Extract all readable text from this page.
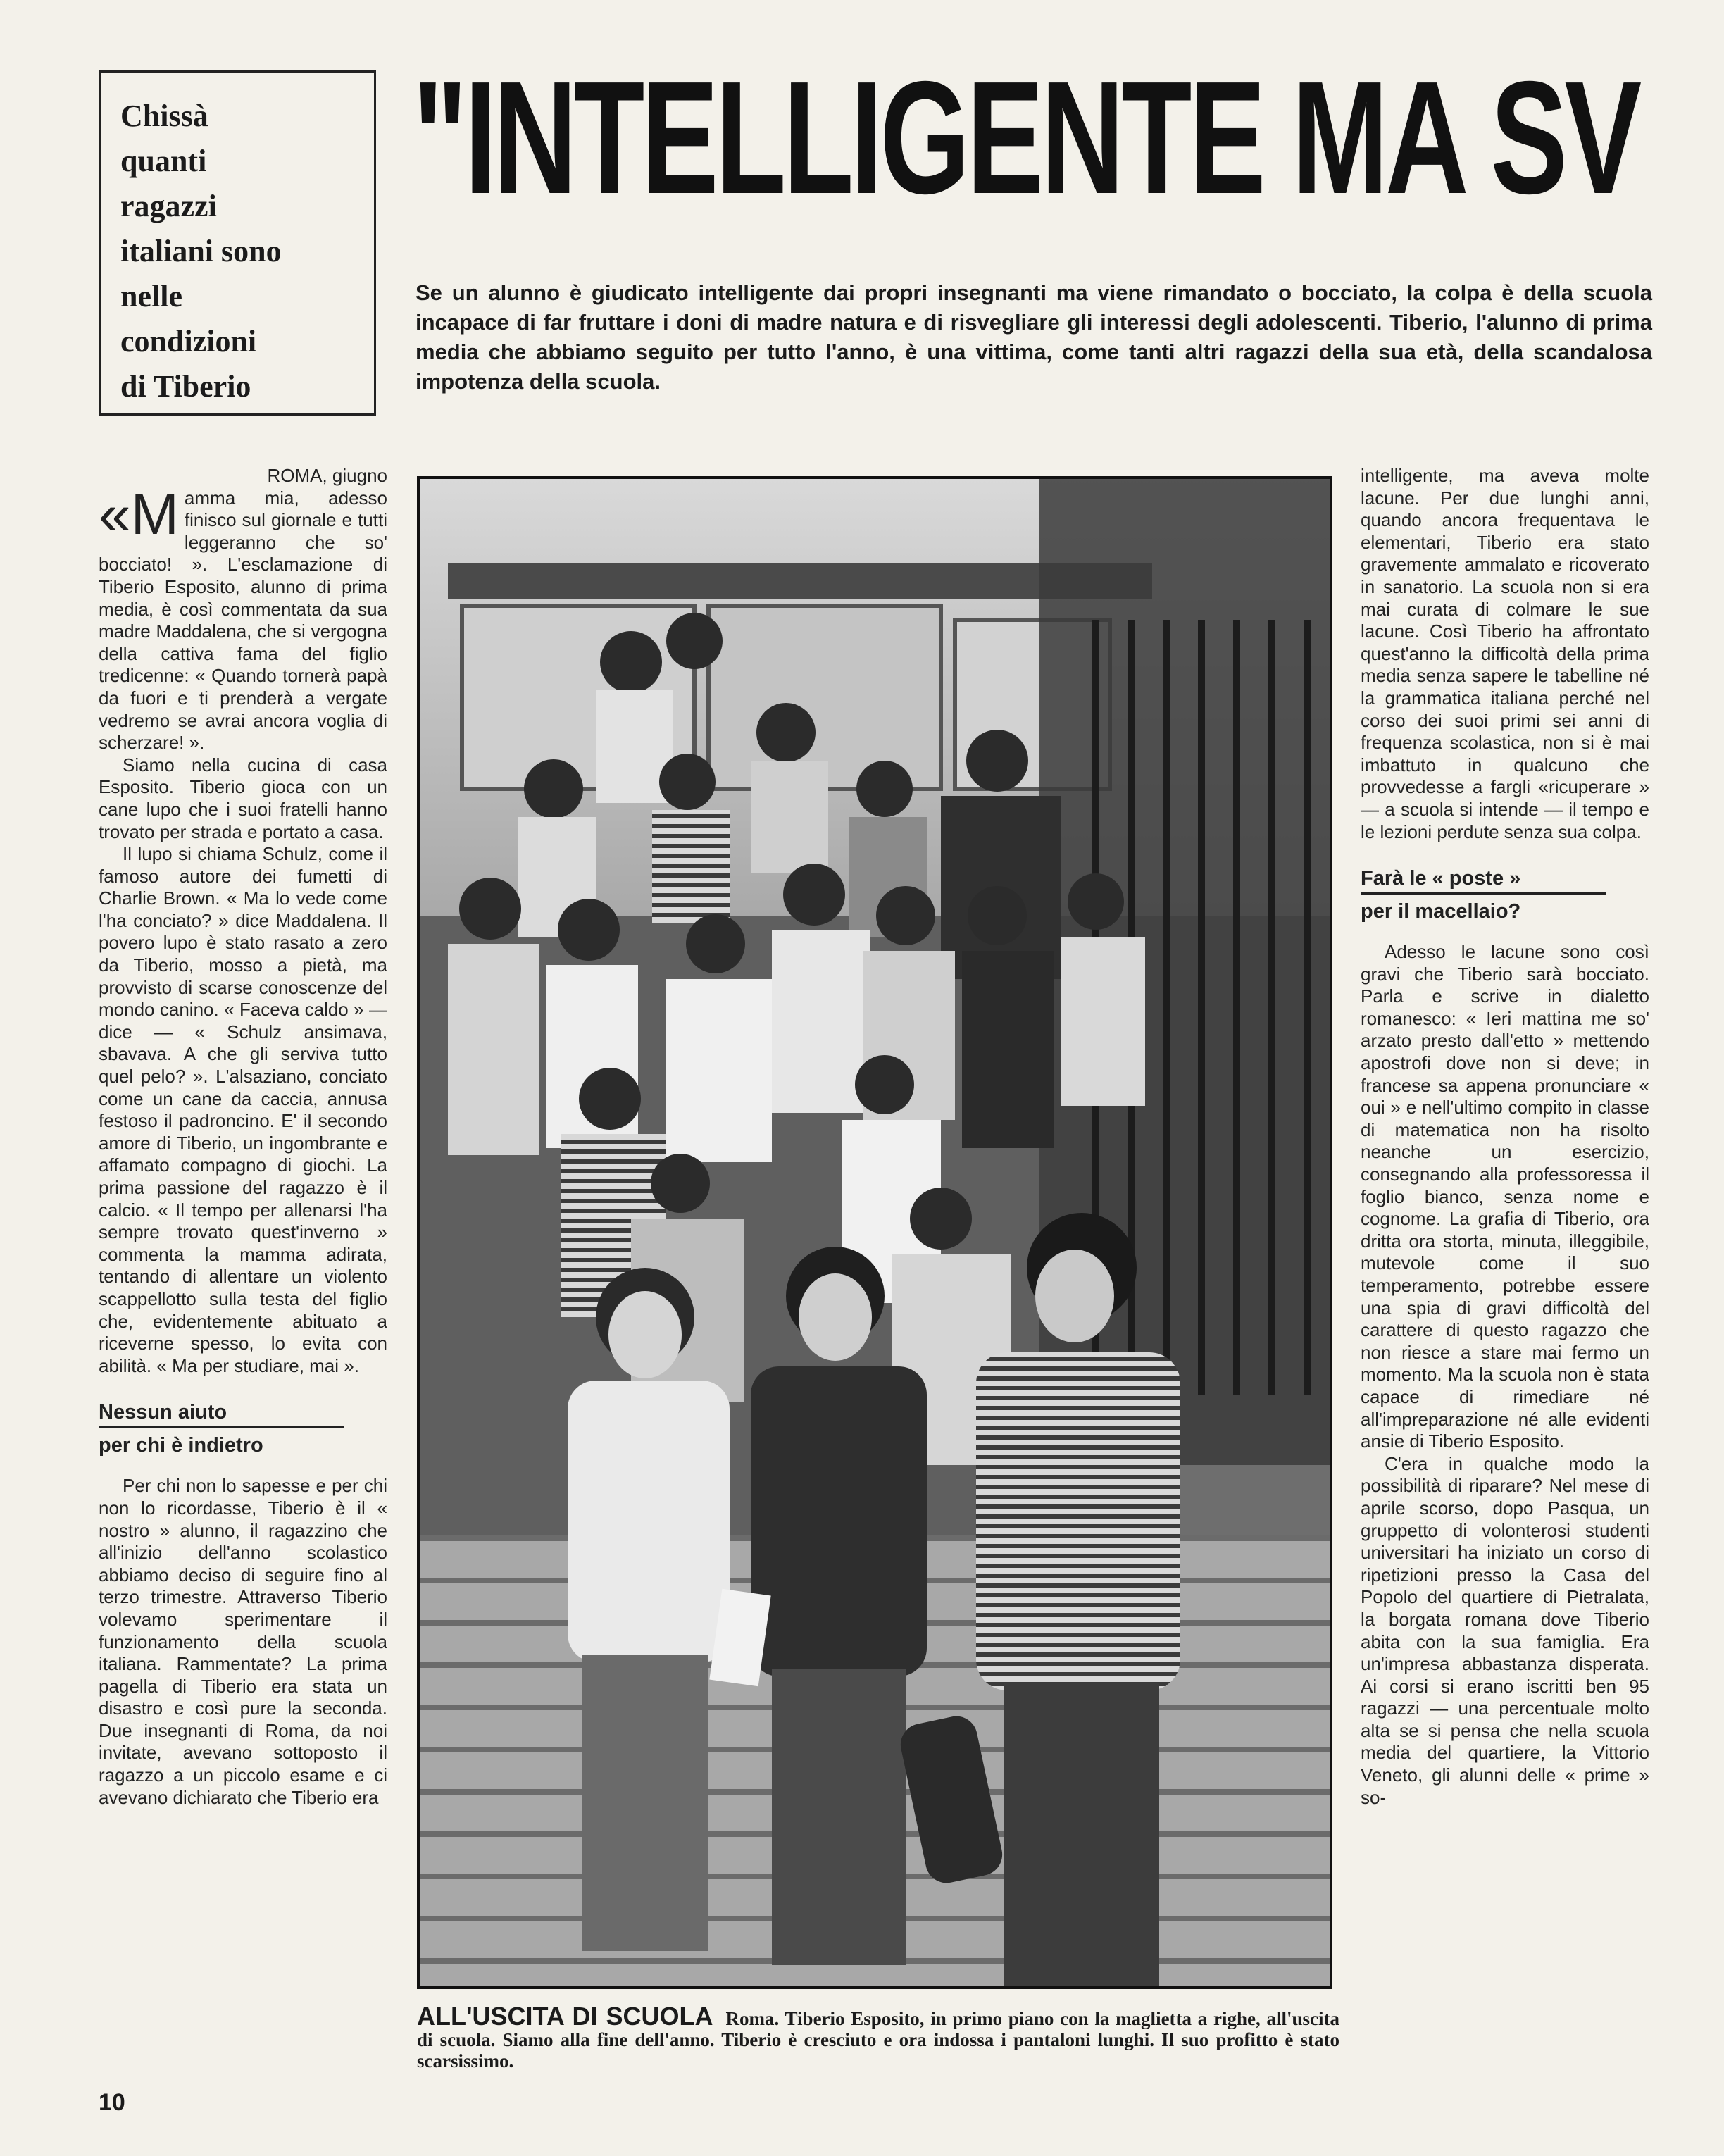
Chissà
quanti
ragazzi
italiani sono
nelle
condizioni
di Tiberio
"INTELLIGENTE MA SV
Se un alunno è giudicato intelligente dai propri insegnanti ma viene rimandato o bocciato, la colpa è della scuola incapace di far fruttare i doni di madre natura e di risvegliare gli interessi degli adolescenti. Tiberio, l'alunno di prima media che abbiamo seguito per tutto l'anno, è una vittima, come tanti altri ragazzi della sua età, della scandalosa impotenza della scuola.

ROMA, giugno

«Mamma mia, adesso finisco sul giornale e tutti leggeranno che so' bocciato! ». L'esclamazione di Tiberio Esposito, alunno di prima media, è così commentata da sua madre Maddalena, che si vergogna della cattiva fama del figlio tredicenne: « Quando tornerà papà da fuori e ti prenderà a vergate vedremo se avrai ancora voglia di scherzare! ».

Siamo nella cucina di casa Esposito. Tiberio gioca con un cane lupo che i suoi fratelli hanno trovato per strada e portato a casa.

Il lupo si chiama Schulz, come il famoso autore dei fumetti di Charlie Brown. « Ma lo vede come l'ha conciato? » dice Maddalena. Il povero lupo è stato rasato a zero da Tiberio, mosso a pietà, ma provvisto di scarse conoscenze del mondo canino. « Faceva caldo » — dice — « Schulz ansimava, sbavava. A che gli serviva tutto quel pelo? ». L'alsaziano, conciato come un cane da caccia, annusa festoso il padroncino. E' il secondo amore di Tiberio, un ingombrante e affamato compagno di giochi. La prima passione del ragazzo è il calcio. « Il tempo per allenarsi l'ha sempre trovato quest'inverno » commenta la mamma adirata, tentando di allentare un violento scappellotto sulla testa del figlio che, evidentemente abituato a riceverne spesso, lo evita con abilità. « Ma per studiare, mai ».

Nessun aiuto
per chi è indietro

Per chi non lo sapesse e per chi non lo ricordasse, Tiberio è il « nostro » alunno, il ragazzino che all'inizio dell'anno scolastico abbiamo deciso di seguire fino al terzo trimestre. Attraverso Tiberio volevamo sperimentare il funzionamento della scuola italiana. Rammentate? La prima pagella di Tiberio era stata un disastro e così pure la seconda. Due insegnanti di Roma, da noi invitate, avevano sottoposto il ragazzo a un piccolo esame e ci avevano dichiarato che Tiberio era

intelligente, ma aveva molte lacune. Per due lunghi anni, quando ancora frequentava le elementari, Tiberio era stato gravemente ammalato e ricoverato in sanatorio. La scuola non si era mai curata di colmare le sue lacune. Così Tiberio ha affrontato quest'anno la difficoltà della prima media senza sapere le tabelline né la grammatica italiana perché nel corso dei suoi primi sei anni di frequenza scolastica, non si è mai imbattuto in qualcuno che provvedesse a fargli «ricuperare » — a scuola si intende — il tempo e le lezioni perdute senza sua colpa.

Farà le « poste »
per il macellaio?

Adesso le lacune sono così gravi che Tiberio sarà bocciato. Parla e scrive in dialetto romanesco: « Ieri mattina me so' arzato presto dall'etto » mettendo apostrofi dove non si deve; in francese sa appena pronunciare « oui » e nell'ultimo compito in classe di matematica non ha risolto neanche un esercizio, consegnando alla professoressa il foglio bianco, senza nome e cognome. La grafia di Tiberio, ora dritta ora storta, minuta, illeggibile, mutevole come il suo temperamento, potrebbe essere una spia di gravi difficoltà del carattere di questo ragazzo che non riesce a stare mai fermo un momento. Ma la scuola non è stata capace di rimediare né all'impreparazione né alle evidenti ansie di Tiberio Esposito.

C'era in qualche modo la possibilità di riparare? Nel mese di aprile scorso, dopo Pasqua, un gruppetto di volonterosi studenti universitari ha iniziato un corso di ripetizioni presso la Casa del Popolo del quartiere di Pietralata, la borgata romana dove Tiberio abita con la sua famiglia. Era un'impresa abbastanza disperata. Ai corsi si erano iscritti ben 95 ragazzi — una percentuale molto alta se si pensa che nella scuola media del quartiere, la Vittorio Veneto, gli alunni delle « prime » so-

ALL'USCITA DI SCUOLA Roma. Tiberio Esposito, in primo piano con la maglietta a righe, all'uscita di scuola. Siamo alla fine dell'anno. Tiberio è cresciuto e ora indossa i pantaloni lunghi. Il suo profitto è stato scarsissimo.
10
